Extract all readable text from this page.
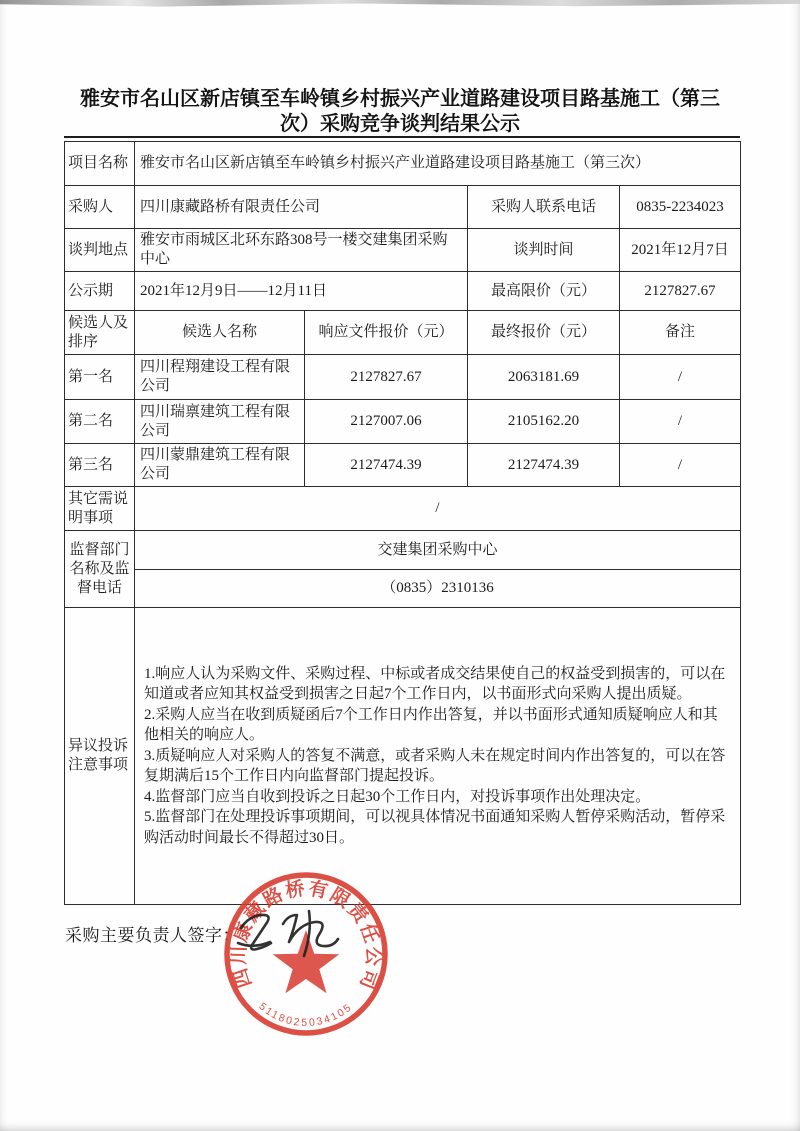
雅安市名山区新店镇至车岭镇乡村振兴产业道路建设项目路基施工（第三
次）采购竞争谈判结果公示
项目名称	雅安市名山区新店镇至车岭镇乡村振兴产业道路建设项目路基施工（第三次）			
采购人	四川康藏路桥有限责任公司		采购人联系电话	0835-2234023
谈判地点	雅安市雨城区北环东路308号一楼交建集团采购中心		谈判时间	2021年12月7日
公示期	2021年12月9日——12月11日		最高限价（元）	2127827.67
候选人及排序	候选人名称	响应文件报价（元）	最终报价（元）	备注
第一名	四川程翔建设工程有限公司	2127827.67	2063181.69	/
第二名	四川瑞禀建筑工程有限公司	2127007.06	2105162.20	/
第三名	四川蒙鼎建筑工程有限公司	2127474.39	2127474.39	/
其它需说明事项	/			
监督部门名称及监督电话	交建集团采购中心			
	（0835）2310136			
异议投诉注意事项	1.响应人认为采购文件、采购过程、中标或者成交结果使自己的权益受到损害的，可以在知道或者应知其权益受到损害之日起7个工作日内，以书面形式向采购人提出质疑。
2.采购人应当在收到质疑函后7个工作日内作出答复，并以书面形式通知质疑响应人和其他相关的响应人。
3.质疑响应人对采购人的答复不满意，或者采购人未在规定时间内作出答复的，可以在答复期满后15个工作日内向监督部门提起投诉。
4.监督部门应当自收到投诉之日起30个工作日内，对投诉事项作出处理决定。
5.监督部门在处理投诉事项期间，可以视具体情况书面通知采购人暂停采购活动，暂停采购活动时间最长不得超过30日。			
采购主要负责人签字：
四川康藏路桥有限责任公司
5118025034105
